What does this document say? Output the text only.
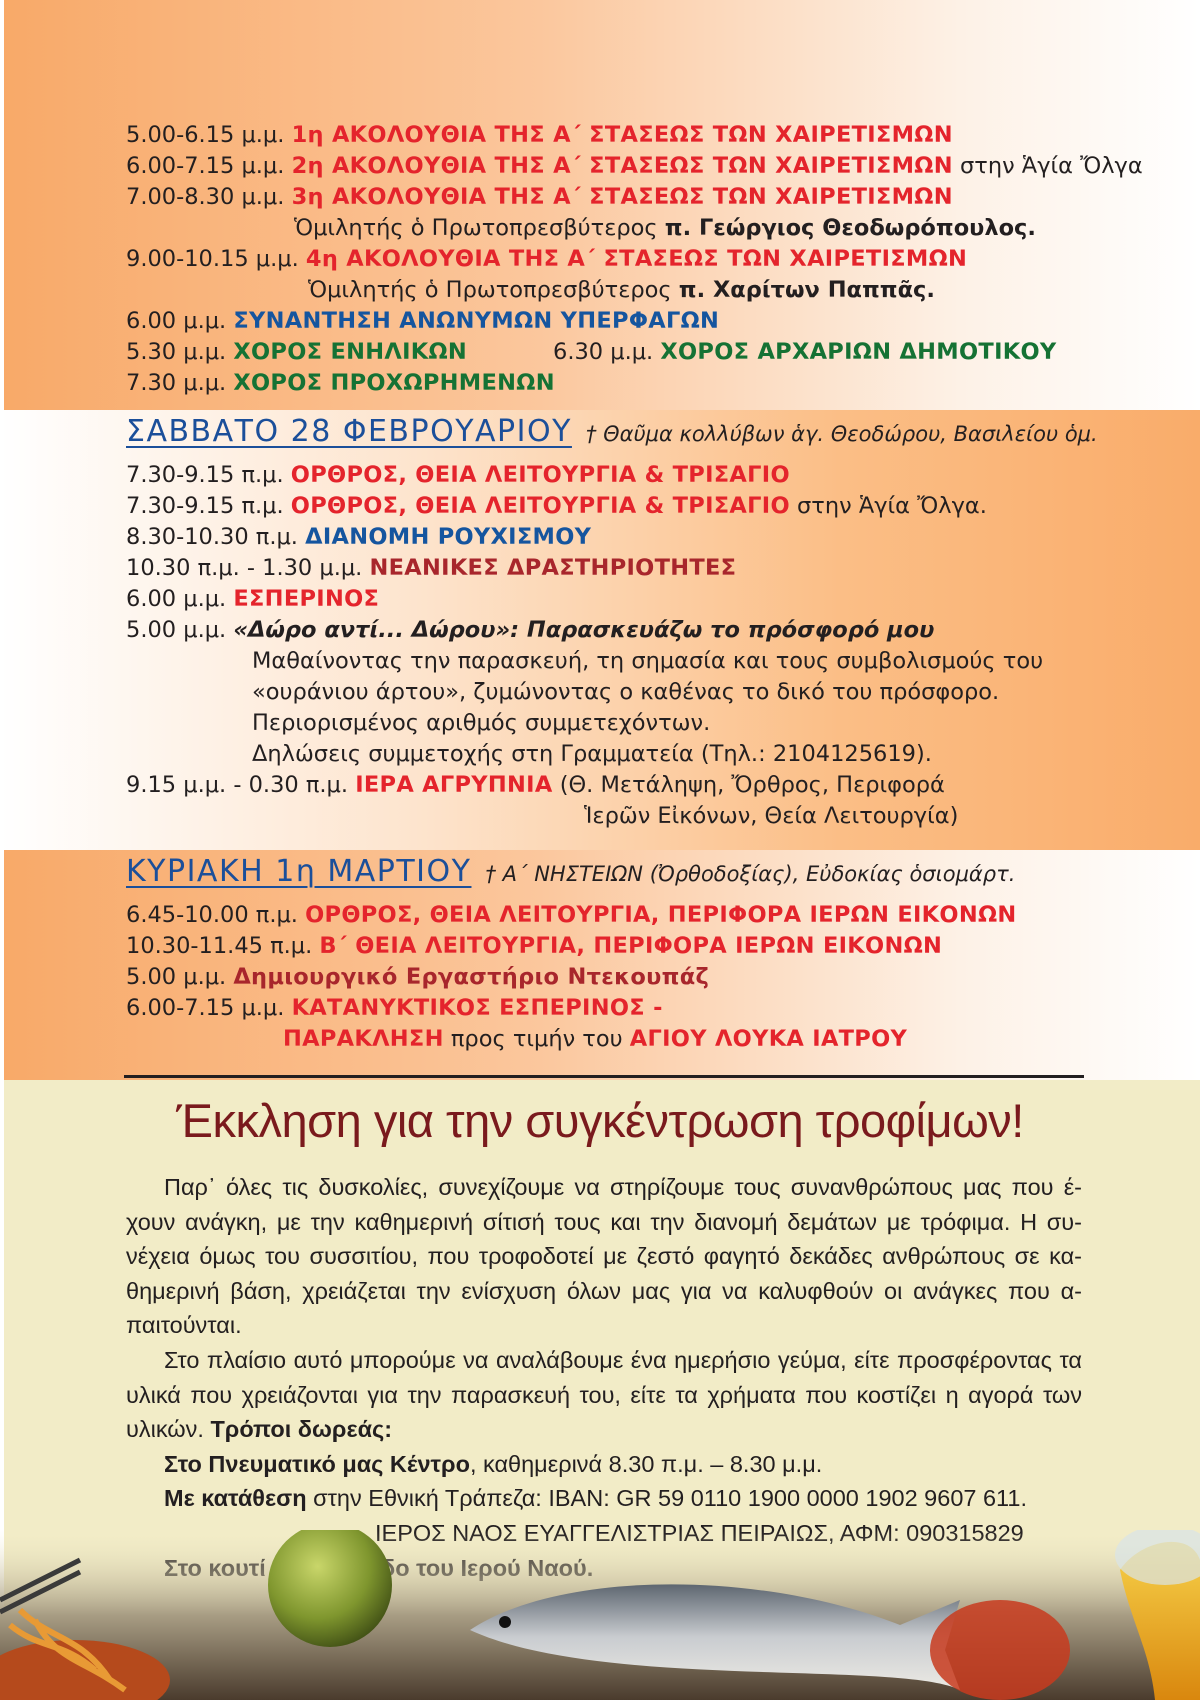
5.00-6.15 μ.μ. 1η ΑΚΟΛΟΥΘΙΑ ΤΗΣ Α΄ ΣΤΑΣΕΩΣ ΤΩΝ ΧΑΙΡΕΤΙΣΜΩΝ
6.00-7.15 μ.μ. 2η ΑΚΟΛΟΥΘΙΑ ΤΗΣ Α΄ ΣΤΑΣΕΩΣ ΤΩΝ ΧΑΙΡΕΤΙΣΜΩΝ στην Ἁγία Ὄλγα
7.00-8.30 μ.μ. 3η ΑΚΟΛΟΥΘΙΑ ΤΗΣ Α΄ ΣΤΑΣΕΩΣ ΤΩΝ ΧΑΙΡΕΤΙΣΜΩΝ
Ὁμιλητής ὁ Πρωτοπρεσβύτερος π. Γεώργιος Θεοδωρόπουλος.
9.00-10.15 μ.μ. 4η ΑΚΟΛΟΥΘΙΑ ΤΗΣ Α΄ ΣΤΑΣΕΩΣ ΤΩΝ ΧΑΙΡΕΤΙΣΜΩΝ
Ὁμιλητής ὁ Πρωτοπρεσβύτερος π. Χαρίτων Παππᾶς.
6.00 μ.μ. ΣΥΝΑΝΤΗΣΗ ΑΝΩΝΥΜΩΝ ΥΠΕΡΦΑΓΩΝ
5.30 μ.μ. ΧΟΡΟΣ ΕΝΗΛΙΚΩΝ	6.30 μ.μ. ΧΟΡΟΣ ΑΡΧΑΡΙΩΝ ΔΗΜΟΤΙΚΟΥ
7.30 μ.μ. ΧΟΡΟΣ ΠΡΟΧΩΡΗΜΕΝΩΝ
ΣΑΒΒΑΤΟ 28 ΦΕΒΡΟΥΑΡΙΟΥ † Θαῦμα κολλύβων ἁγ. Θεοδώρου, Βασιλείου ὁμ.
7.30-9.15 π.μ. ΟΡΘΡΟΣ, ΘΕΙΑ ΛΕΙΤΟΥΡΓΙΑ & ΤΡΙΣΑΓΙΟ
7.30-9.15 π.μ. ΟΡΘΡΟΣ, ΘΕΙΑ ΛΕΙΤΟΥΡΓΙΑ & ΤΡΙΣΑΓΙΟ στην Ἁγία Ὄλγα.
8.30-10.30 π.μ. ΔΙΑΝΟΜΗ ΡΟΥΧΙΣΜΟΥ
10.30 π.μ. - 1.30 μ.μ. ΝΕΑΝΙΚΕΣ ΔΡΑΣΤΗΡΙΟΤΗΤΕΣ
6.00 μ.μ. ΕΣΠΕΡΙΝΟΣ
5.00 μ.μ. «Δώρο αντί... Δώρου»: Παρασκευάζω το πρόσφορό μου
Μαθαίνοντας την παρασκευή, τη σημασία και τους συμβολισμούς του
«ουράνιου άρτου», ζυμώνοντας ο καθένας το δικό του πρόσφορο.
Περιορισμένος αριθμός συμμετεχόντων.
Δηλώσεις συμμετοχής στη Γραμματεία (Τηλ.: 2104125619).
9.15 μ.μ. - 0.30 π.μ. ΙΕΡΑ ΑΓΡΥΠΝΙΑ (Θ. Μετάληψη, Ὄρθρος, Περιφορά
Ἱερῶν Εἰκόνων, Θεία Λειτουργία)
ΚΥΡΙΑΚΗ 1η ΜΑΡΤΙΟΥ † Α΄ ΝΗΣΤΕΙΩΝ (Ὀρθοδοξίας), Εὐδοκίας ὁσιομάρτ.
6.45-10.00 π.μ. ΟΡΘΡΟΣ, ΘΕΙΑ ΛΕΙΤΟΥΡΓΙΑ, ΠΕΡΙΦΟΡΑ ΙΕΡΩΝ ΕΙΚΟΝΩΝ
10.30-11.45 π.μ. Β΄ ΘΕΙΑ ΛΕΙΤΟΥΡΓΙΑ, ΠΕΡΙΦΟΡΑ ΙΕΡΩΝ ΕΙΚΟΝΩΝ
5.00 μ.μ. Δημιουργικό Εργαστήριο Ντεκουπάζ
6.00-7.15 μ.μ. ΚΑΤΑΝΥΚΤΙΚΟΣ ΕΣΠΕΡΙΝΟΣ -
ΠΑΡΑΚΛΗΣΗ προς τιμήν του ΑΓΙΟΥ ΛΟΥΚΑ ΙΑΤΡΟΥ
Έκκληση για την συγκέντρωση τροφίμων!

Παρ᾽ όλες τις δυσκολίες, συνεχίζουμε να στηρίζουμε τους συνανθρώπους μας που έ-χουν ανάγκη, με την καθημερινή σίτισή τους και την διανομή δεμάτων με τρόφιμα. Η συ-νέχεια όμως του συσσιτίου, που τροφοδοτεί με ζεστό φαγητό δεκάδες ανθρώπους σε κα-θημερινή βάση, χρειάζεται την ενίσχυση όλων μας για να καλυφθούν οι ανάγκες που α-παιτούνται.

Στο πλαίσιο αυτό μπορούμε να αναλάβουμε ένα ημερήσιο γεύμα, είτε προσφέροντας τα υλικά που χρειάζονται για την παρασκευή του, είτε τα χρήματα που κοστίζει η αγορά των υλικών. Τρόποι δωρεάς:

Στο Πνευματικό μας Κέντρο, καθημερινά 8.30 π.μ. – 8.30 μ.μ.
Με κατάθεση στην Εθνική Τράπεζα: IBAN: GR 59 0110 1900 0000 1902 9607 611.
